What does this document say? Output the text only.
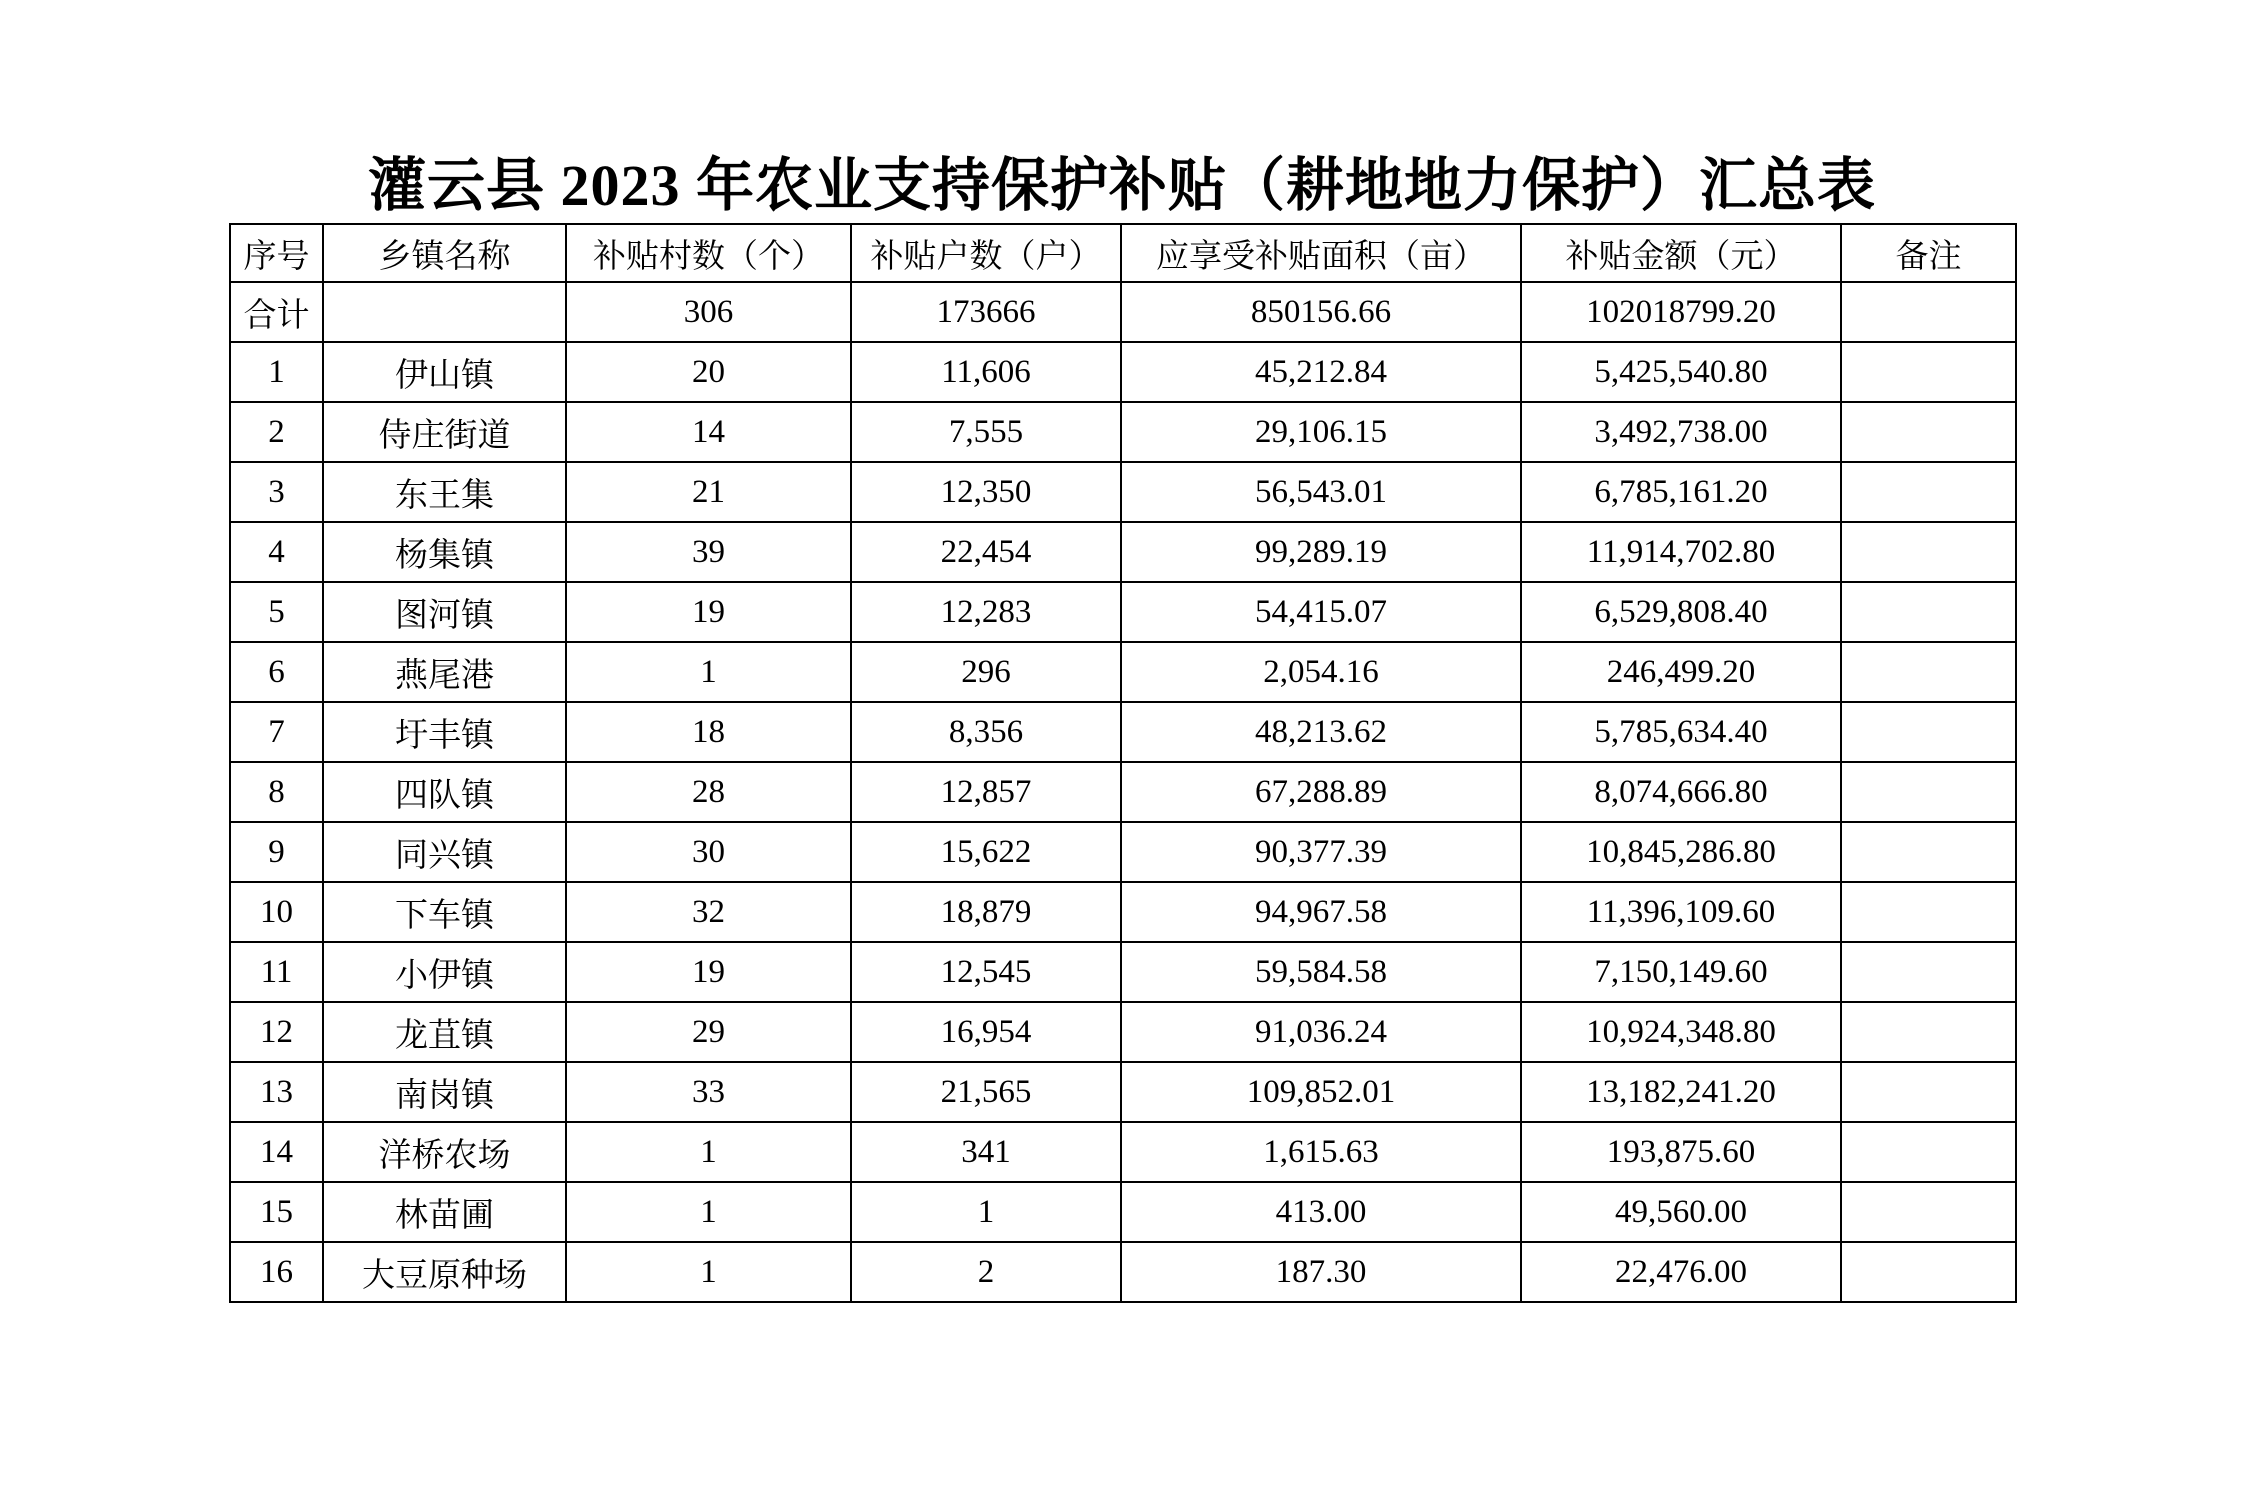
灌云县 2023 年农业支持保护补贴（耕地地力保护）汇总表
序号	乡镇名称	补贴村数（个）	补贴户数（户）	应享受补贴面积（亩）	补贴金额（元）	备注
合计		306	173666	850156.66	102018799.20	
1	伊山镇	20	11,606	45,212.84	5,425,540.80	
2	侍庄街道	14	7,555	29,106.15	3,492,738.00	
3	东王集	21	12,350	56,543.01	6,785,161.20	
4	杨集镇	39	22,454	99,289.19	11,914,702.80	
5	图河镇	19	12,283	54,415.07	6,529,808.40	
6	燕尾港	1	296	2,054.16	246,499.20	
7	圩丰镇	18	8,356	48,213.62	5,785,634.40	
8	四队镇	28	12,857	67,288.89	8,074,666.80	
9	同兴镇	30	15,622	90,377.39	10,845,286.80	
10	下车镇	32	18,879	94,967.58	11,396,109.60	
11	小伊镇	19	12,545	59,584.58	7,150,149.60	
12	龙苴镇	29	16,954	91,036.24	10,924,348.80	
13	南岗镇	33	21,565	109,852.01	13,182,241.20	
14	洋桥农场	1	341	1,615.63	193,875.60	
15	林苗圃	1	1	413.00	49,560.00	
16	大豆原种场	1	2	187.30	22,476.00	
